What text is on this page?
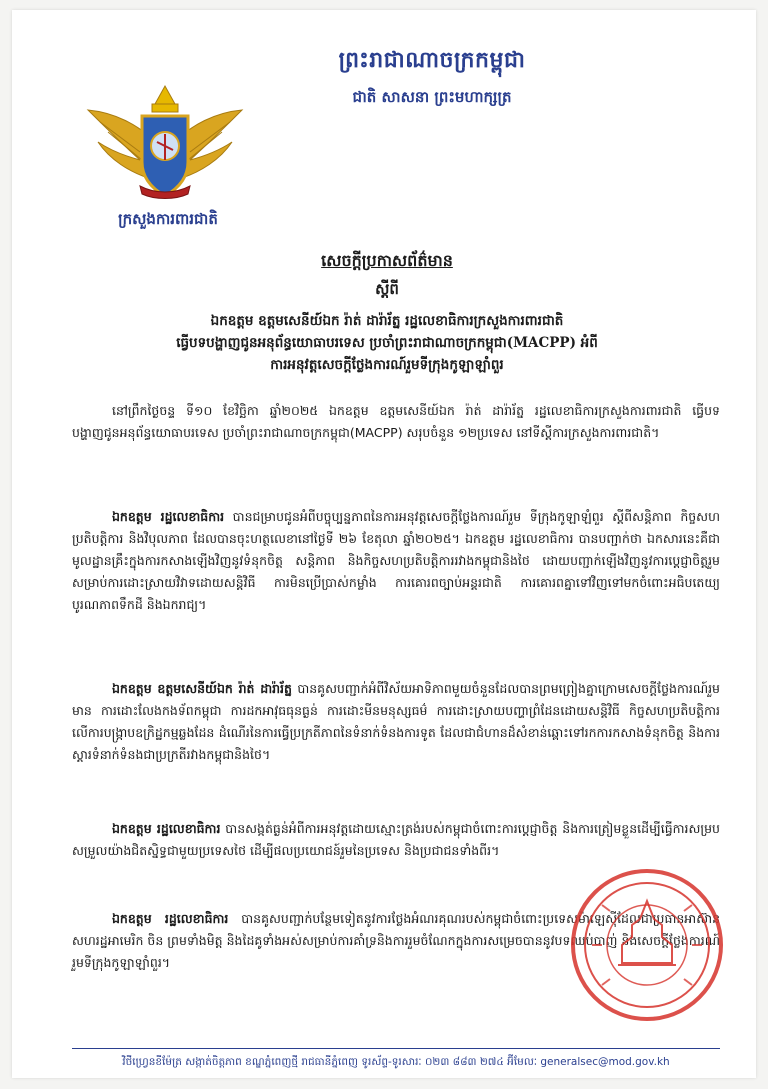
ព្រះរាជាណាចក្រកម្ពុជា
ជាតិ សាសនា ព្រះមហាក្សត្រ
ក្រសួងការពារជាតិ
សេចក្តីប្រកាសព័ត៌មាន
ស្តីពី
ឯកឧត្តម ឧត្តមសេនីយ៍ឯក រ៉ាត់ ដារ៉ារ័ត្ន រដ្ឋលេខាធិការក្រសួងការពារជាតិ
ធ្វើបទបង្ហាញជូនអនុព័ន្ធយោធាបរទេស ប្រចាំព្រះរាជាណាចក្រកម្ពុជា(MACPP) អំពី
ការអនុវត្តសេចក្តីថ្លែងការណ៍រួមទីក្រុងកូឡាឡាំពួរ
នៅព្រឹកថ្ងៃចន្ទ ទី១០ ខែវិច្ឆិកា ឆ្នាំ២០២៥ ឯកឧត្តម ឧត្តមសេនីយ៍ឯក រ៉ាត់ ដារ៉ារ័ត្ន រដ្ឋលេខាធិការក្រសួងការពារជាតិ ធ្វើបទបង្ហាញជូនអនុព័ន្ធយោធាបរទេស ប្រចាំព្រះរាជាណាចក្រកម្ពុជា(MACPP) សរុបចំនួន ១២ប្រទេស នៅទីស្តីការក្រសួងការពារជាតិ។
ឯកឧត្តម រដ្ឋលេខាធិការ បានជម្រាបជូនអំពីបច្ចុប្បន្នភាពនៃការអនុវត្តសេចក្តីថ្លែងការណ៍រួម ទីក្រុងកូឡាឡំពួរ ស្តីពីសន្តិភាព កិច្ចសហប្រតិបត្តិការ និងវិបុលភាព ដែលបានចុះហត្ថលេខានៅថ្ងៃទី ២៦ ខែតុលា ឆ្នាំ២០២៥។ ឯកឧត្តម រដ្ឋលេខាធិការ បានបញ្ជាក់ថា ឯកសារនេះគឺជាមូលដ្ឋានគ្រឹះក្នុងការកសាងឡើងវិញនូវទំនុកចិត្ត សន្តិភាព និងកិច្ចសហប្រតិបត្តិការរវាងកម្ពុជានិងថៃ ដោយបញ្ជាក់ឡើងវិញនូវការប្តេជ្ញាចិត្តរួម សម្រាប់ការដោះស្រាយវិវាទដោយសន្តិវិធី ការមិនប្រើប្រាស់កម្លាំង ការគោរពច្បាប់អន្តរជាតិ ការគោរពគ្នាទៅវិញទៅមកចំពោះអធិបតេយ្យ បូរណភាពទឹកដី និងឯករាជ្យ។
ឯកឧត្តម ឧត្តមសេនីយ៍ឯក រ៉ាត់ ដារ៉ារ័ត្ន បានគូសបញ្ជាក់អំពីវិស័យអាទិភាពមួយចំនួនដែលបានព្រមព្រៀងគ្នាក្រោមសេចក្តីថ្លែងការណ៍រួមមាន ការដោះលែងកងទ័ពកម្ពុជា ការដកអាវុធធុនធ្ងន់ ការដោះមីនមនុស្សធម៌ ការដោះស្រាយបញ្ហាព្រំដែនដោយសន្តិវិធី កិច្ចសហប្រតិបត្តិការលើការបង្ក្រាបឧក្រិដ្ឋកម្មឆ្លងដែន ដំណើរនៃការធ្វើប្រក្រតីភាពនៃទំនាក់ទំនងការទូត ដែលជាជំហានដ៏សំខាន់ឆ្ពោះទៅរកការកសាងទំនុកចិត្ត និងការស្តារទំនាក់ទំនងជាប្រក្រតីរវាងកម្ពុជានិងថៃ។
ឯកឧត្តម រដ្ឋលេខាធិការ បានសង្កត់ធ្ងន់អំពីការអនុវត្តដោយស្មោះត្រង់របស់កម្ពុជាចំពោះការប្តេជ្ញាចិត្ត និងការត្រៀមខ្លួនដើម្បីធ្វើការសម្របសម្រួលយ៉ាងជិតស្និទ្ធជាមួយប្រទេសថៃ ដើម្បីផលប្រយោជន៍រួមនៃប្រទេស និងប្រជាជនទាំងពីរ។
ឯកឧត្តម រដ្ឋលេខាធិការ បានគូសបញ្ជាក់បន្ថែមទៀតនូវការថ្លែងអំណរគុណរបស់កម្ពុជាចំពោះប្រទេសម៉ាឡេស៊ីដែលជាប្រធានអាស៊ាន សហរដ្ឋអាមេរិក ចិន ព្រមទាំងមិត្ត និងដៃគូទាំងអស់សម្រាប់ការគាំទ្រនិងការរួមចំណែកក្នុងការសម្រេចបាននូវបទឈប់បាញ់ និងសេចក្តីថ្លែងការណ៍រួមទីក្រុងកូឡាឡាំពួរ។
វិថីហ្វ្រេនខីម៉ែត្រ សង្កាត់ចិត្តភាព ខណ្ឌភ្នំពេញថ្មី រាជធានីភ្នំពេញ ទូរស័ព្ទ-ទូរសារៈ ០២៣ ៨៨៣ ២៧៤ អ៊ីមែលៈ generalsec@mod.gov.kh
